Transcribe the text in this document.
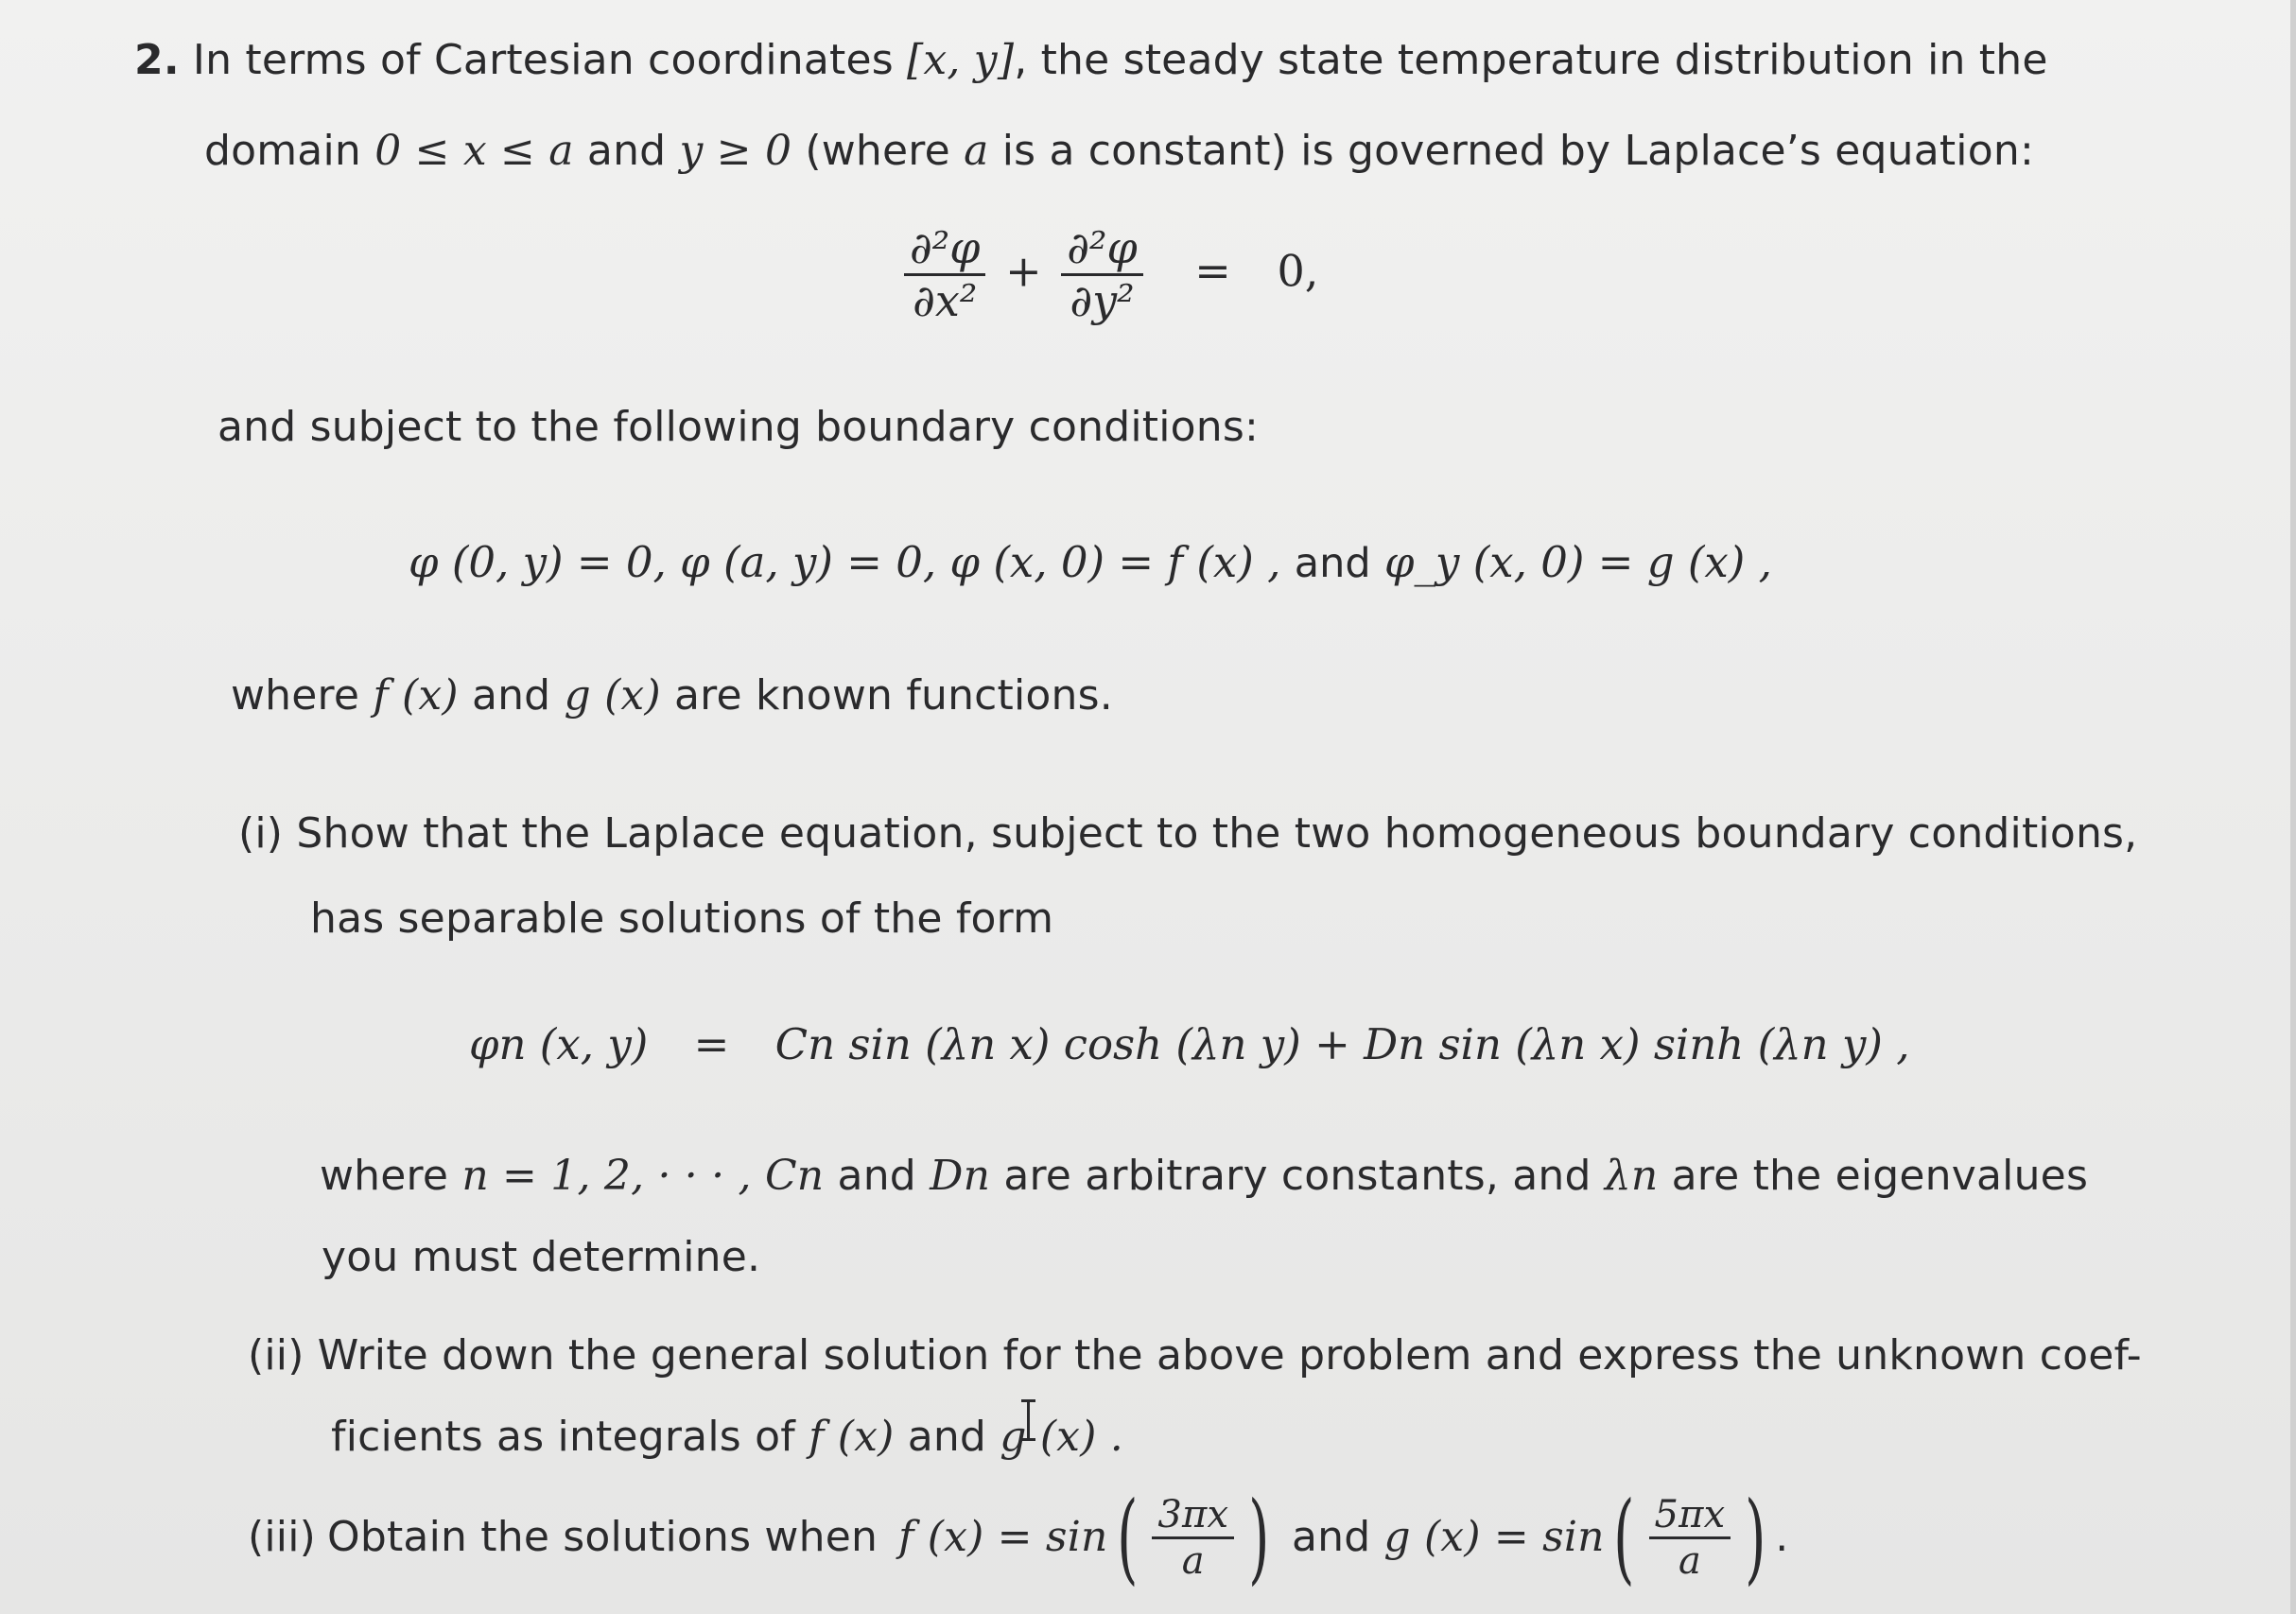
2. In terms of Cartesian coordinates [x, y], the steady state temperature distribution in the
domain 0 ≤ x ≤ a and y ≥ 0 (where a is a constant) is governed by Laplace’s equation:
$\frac{\text{∂²φ}}{\text{∂x²}} + \frac{\text{∂²φ}}{\text{∂y²}} = 0$,
and subject to the following boundary conditions:
φ (0, y) = 0, φ (a, y) = 0, φ (x, 0) = f (x) , and φ_y (x, 0) = g (x) ,
where f (x) and g (x) are known functions.
(i) Show that the Laplace equation, subject to the two homogeneous boundary conditions,
has separable solutions of the form
φn (x, y) = Cn sin (λn x) cosh (λn y) + Dn sin (λn x) sinh (λn y) ,
where n = 1, 2, · · · , Cn and Dn are arbitrary constants, and λn are the eigenvalues
you must determine.
(ii) Write down the general solution for the above problem and express the unknown coef-
ficients as integrals of f (x) and g (x) .
(iii) Obtain the solutions when f (x) = sin ( $\frac{3\pi x}{a}$ ) and g (x) = sin ( $\frac{5\pi x}{a}$ ) .
